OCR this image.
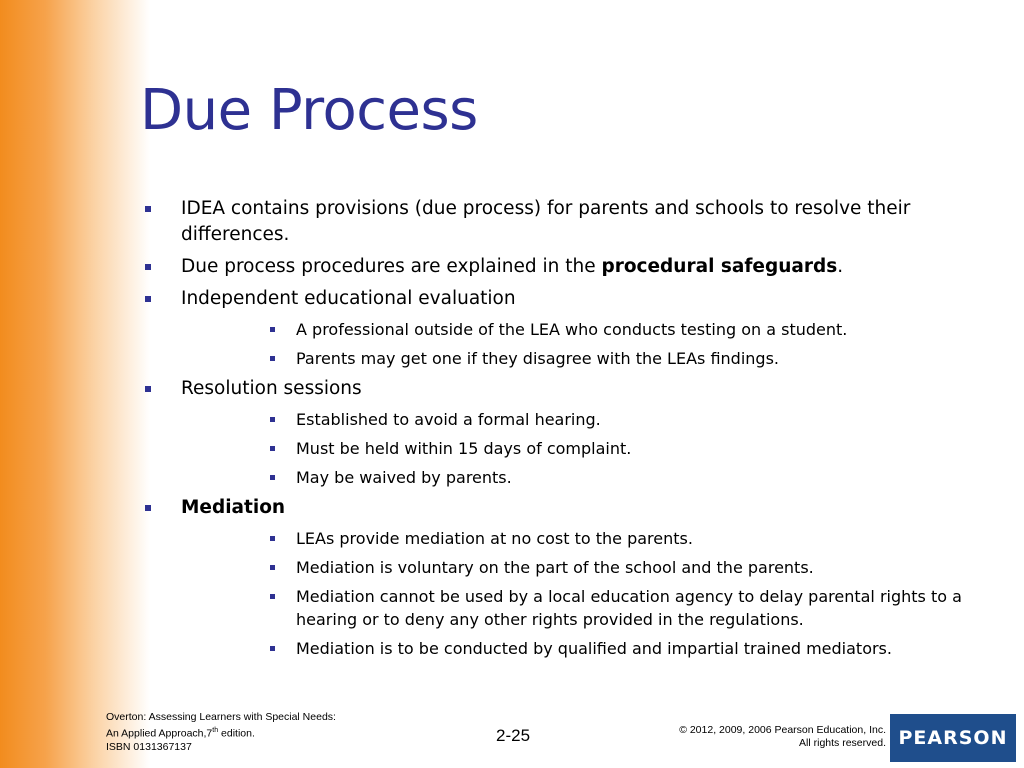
Due Process
IDEA contains provisions (due process) for parents and schools to resolve their differences.
Due process procedures are explained in the procedural safeguards.
Independent educational evaluation
A professional outside of the LEA who conducts testing on a student.
Parents may get one if they disagree with the LEAs findings.
Resolution sessions
Established to avoid a formal hearing.
Must be held within 15 days of complaint.
May be waived by parents.
Mediation
LEAs provide mediation at no cost to the parents.
Mediation is voluntary on the part of the school and the parents.
Mediation cannot be used by a local education agency to delay parental rights to a hearing or to deny any other rights provided in the regulations.
Mediation is to be conducted by qualified and impartial trained mediators.
Overton: Assessing Learners with Special Needs:
An Applied Approach,7th edition.
ISBN 0131367137
2-25	© 2012, 2009, 2006 Pearson Education, Inc.
All rights reserved. PEARSON
